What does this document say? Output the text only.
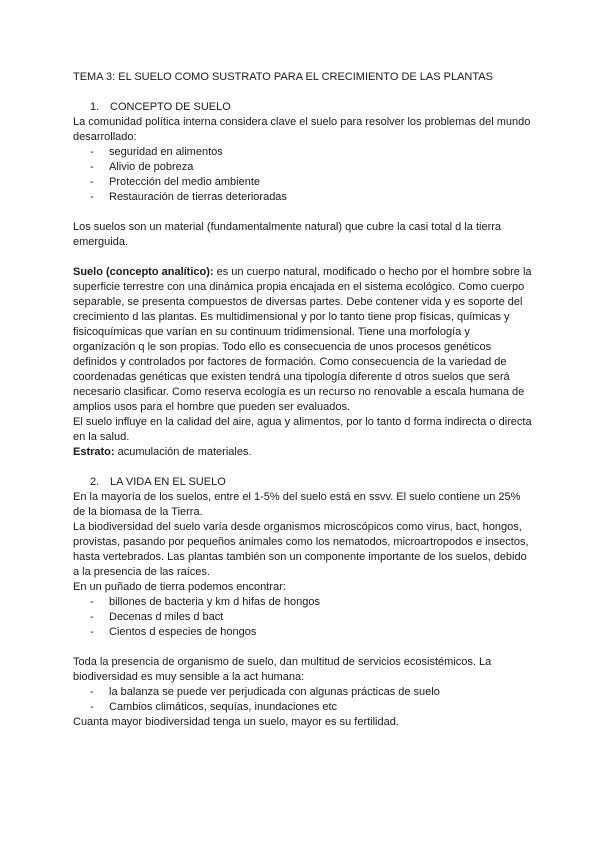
TEMA 3: EL SUELO COMO SUSTRATO PARA EL CRECIMIENTO DE LAS PLANTAS

1. CONCEPTO DE SUELO

La comunidad política interna considera clave el suelo para resolver los problemas del mundo desarrollado:

- seguridad en alimentos
- Alivio de pobreza
- Protección del medio ambiente
- Restauración de tierras deterioradas

Los suelos son un material (fundamentalmente natural) que cubre la casi total d la tierra emerguida.

Suelo (concepto analítico): es un cuerpo natural, modificado o hecho por el hombre sobre la superficie terrestre con una dinámica propia encajada en el sistema ecológico. Como cuerpo separable, se presenta compuestos de diversas partes. Debe contener vida y es soporte del crecimiento d las plantas. Es multidimensional y por lo tanto tiene prop físicas, químicas y fisicoquímicas que varían en su continuum tridimensional. Tiene una morfología y organización q le son propias. Todo ello es consecuencia de unos procesos genéticos definidos y controlados por factores de formación. Como consecuencia de la variedad de coordenadas genéticas que existen tendrá una tipología diferente d otros suelos que será necesario clasificar. Como reserva ecología es un recurso no renovable a escala humana de amplios usos para el hombre que pueden ser evaluados.

El suelo influye en la calidad del aire, agua y alimentos, por lo tanto d forma indirecta o directa en la salud.

Estrato: acumulación de materiales.

2. LA VIDA EN EL SUELO

En la mayoría de los suelos, entre el 1-5% del suelo está en ssvv. El suelo contiene un 25% de la biomasa de la Tierra.

La biodiversidad del suelo varía desde organismos microscópicos como virus, bact, hongos, provistas, pasando por pequeños animales como los nematodos, microartropodos e insectos, hasta vertebrados. Las plantas también son un componente importante de los suelos, debido a la presencia de las raíces.

En un puñado de tierra podemos encontrar:

- billones de bacteria y km d hifas de hongos
- Decenas d miles d bact
- Cientos d especies de hongos

Toda la presencia de organismo de suelo, dan multitud de servicios ecosistémicos. La biodiversidad es muy sensible a la act humana:

- la balanza se puede ver perjudicada con algunas prácticas de suelo
- Cambios climáticos, sequías, inundaciones etc

Cuanta mayor biodiversidad tenga un suelo, mayor es su fertilidad.
